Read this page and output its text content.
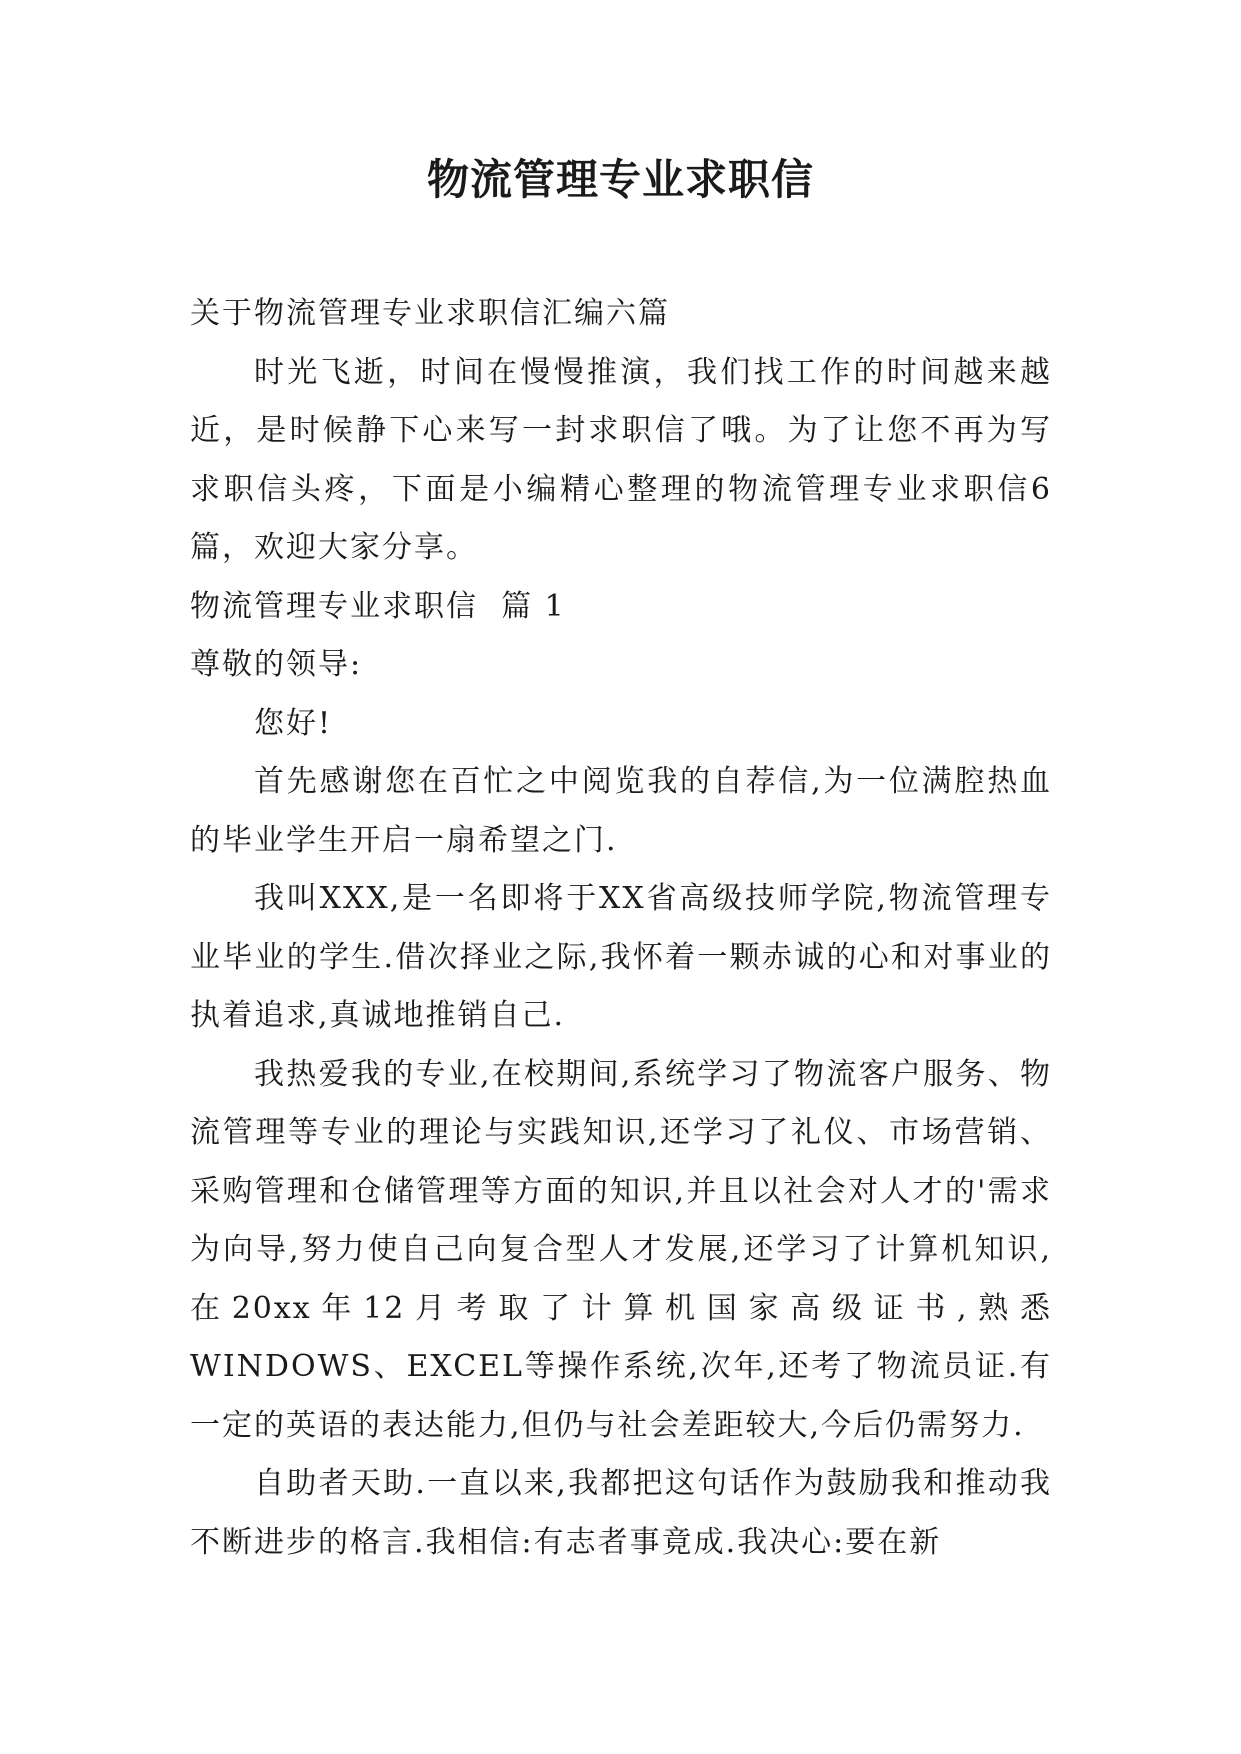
物流管理专业求职信

关于物流管理专业求职信汇编六篇

时光飞逝，时间在慢慢推演，我们找工作的时间越来越近，是时候静下心来写一封求职信了哦。为了让您不再为写求职信头疼，下面是小编精心整理的物流管理专业求职信6篇，欢迎大家分享。

物流管理专业求职信  篇 1

尊敬的领导:

您好!

首先感谢您在百忙之中阅览我的自荐信,为一位满腔热血的毕业学生开启一扇希望之门.

我叫XXX,是一名即将于XX省高级技师学院,物流管理专业毕业的学生.借次择业之际,我怀着一颗赤诚的心和对事业的执着追求,真诚地推销自己.

我热爱我的专业,在校期间,系统学习了物流客户服务、物流管理等专业的理论与实践知识,还学习了礼仪、市场营销、采购管理和仓储管理等方面的知识,并且以社会对人才的'需求为向导,努力使自己向复合型人才发展,还学习了计算机知识,在20xx年12月考取了计算机国家高级证书,熟悉WINDOWS、EXCEL等操作系统,次年,还考了物流员证.有一定的英语的表达能力,但仍与社会差距较大,今后仍需努力.

自助者天助.一直以来,我都把这句话作为鼓励我和推动我不断进步的格言.我相信:有志者事竟成.我决心:要在新
